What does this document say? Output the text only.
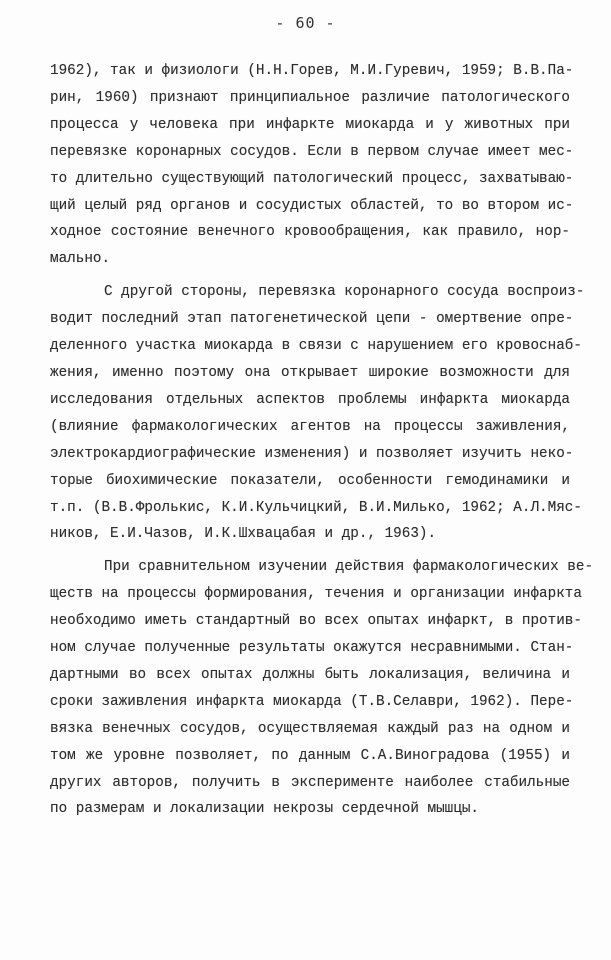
- 60 -
1962), так и физиологи (Н.Н.Горев, М.И.Гуревич, 1959; В.В.Па-
рин, 1960) признают принципиальное различие патологического
процесса у человека при инфаркте миокарда и у животных при
перевязке коронарных сосудов. Если в первом случае имеет мес-
то длительно существующий патологический процесс, захватываю-
щий целый ряд органов и сосудистых областей, то во втором ис-
ходное состояние венечного кровообращения, как правило, нор-
мально.
С другой стороны, перевязка коронарного сосуда воспроиз-
водит последний этап патогенетической цепи - омертвение опре-
деленного участка миокарда в связи с нарушением его кровоснаб-
жения, именно поэтому она открывает широкие возможности для
исследования отдельных аспектов проблемы инфаркта миокарда
(влияние фармакологических агентов на процессы заживления,
электрокардиографические изменения) и позволяет изучить неко-
торые биохимические показатели, особенности гемодинамики и
т.п. (В.В.Фролькис, К.И.Кульчицкий, В.И.Милько, 1962; А.Л.Мяс-
ников, Е.И.Чазов, И.К.Шхвацабая и др., 1963).
При сравнительном изучении действия фармакологических ве-
ществ на процессы формирования, течения и организации инфаркта
необходимо иметь стандартный во всех опытах инфаркт, в против-
ном случае полученные результаты окажутся несравнимыми. Стан-
дартными во всех опытах должны быть локализация, величина и
сроки заживления инфаркта миокарда (Т.В.Селаври, 1962). Пере-
вязка венечных сосудов, осуществляемая каждый раз на одном и
том же уровне позволяет, по данным С.А.Виноградова (1955) и
других авторов, получить в эксперименте наиболее стабильные
по размерам и локализации некрозы сердечной мышцы.
